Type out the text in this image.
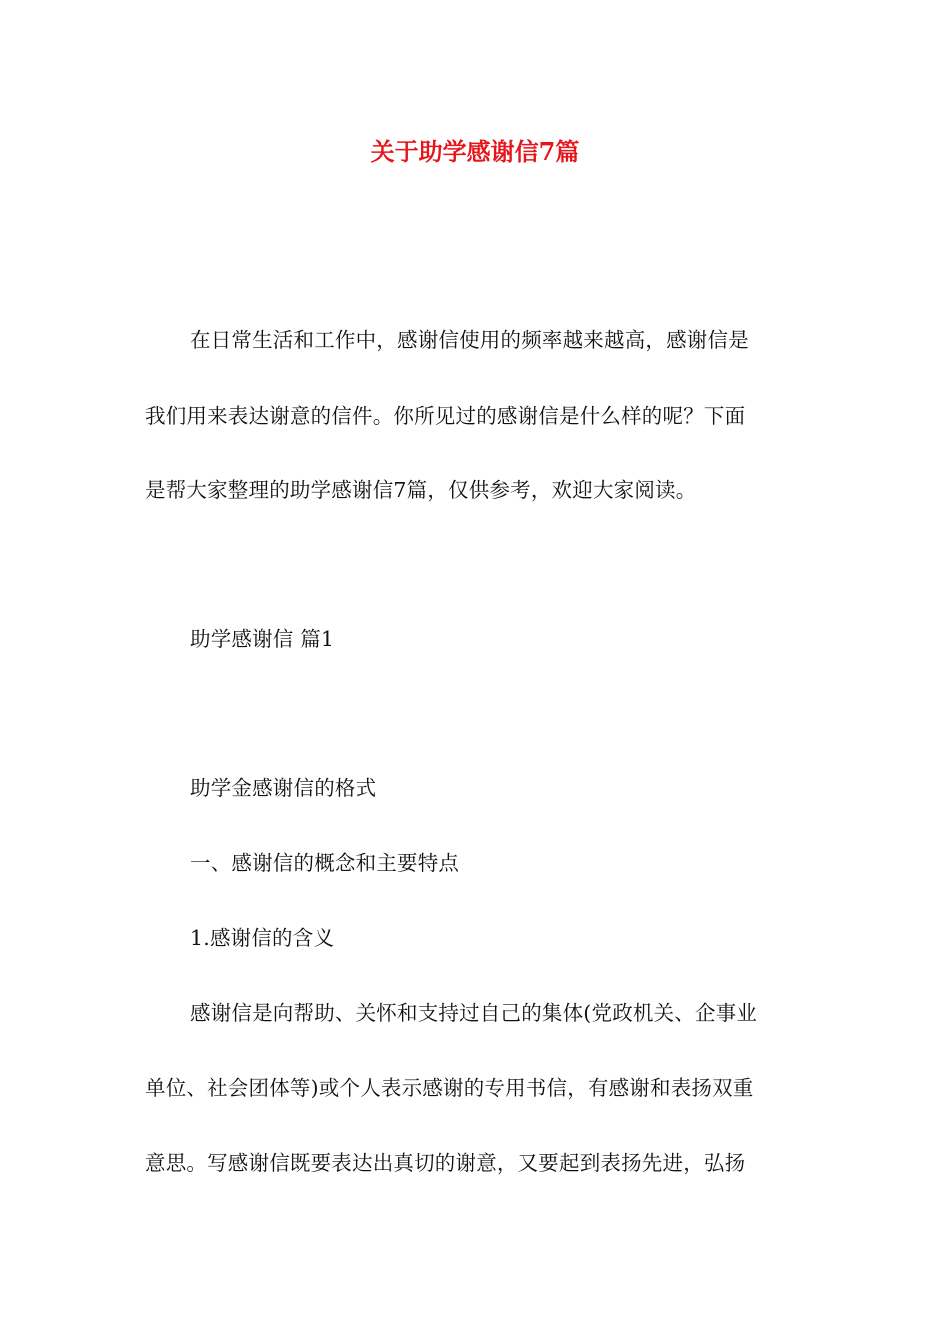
关于助学感谢信7篇

在日常生活和工作中，感谢信使用的频率越来越高，感谢信是

我们用来表达谢意的信件。你所见过的感谢信是什么样的呢？下面

是帮大家整理的助学感谢信7篇，仅供参考，欢迎大家阅读。

助学感谢信 篇1

助学金感谢信的格式

一、感谢信的概念和主要特点

1.感谢信的含义

感谢信是向帮助、关怀和支持过自己的集体(党政机关、企事业

单位、社会团体等)或个人表示感谢的专用书信，有感谢和表扬双重

意思。写感谢信既要表达出真切的谢意，又要起到表扬先进，弘扬
